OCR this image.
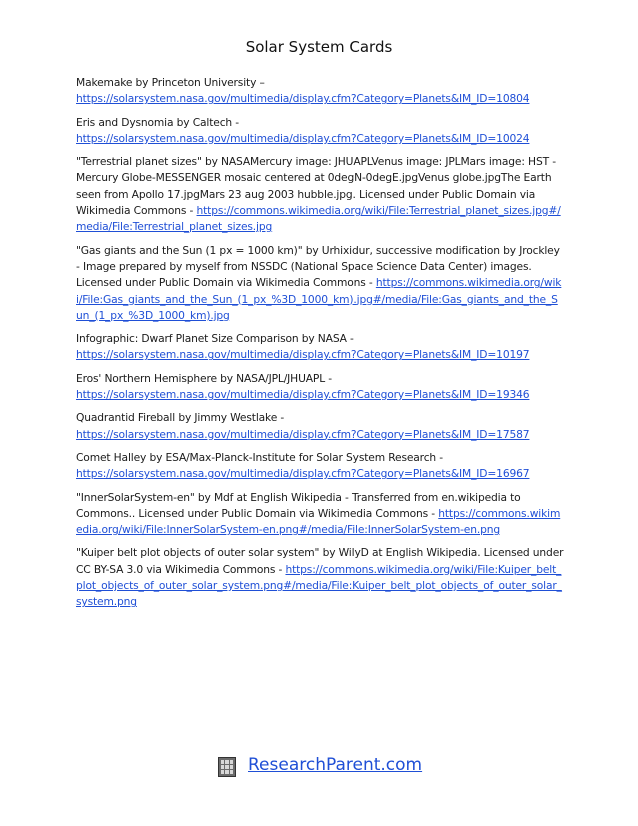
Solar System Cards
Makemake by Princeton University –
https://solarsystem.nasa.gov/multimedia/display.cfm?Category=Planets&IM_ID=10804
Eris and Dysnomia by Caltech -
https://solarsystem.nasa.gov/multimedia/display.cfm?Category=Planets&IM_ID=10024
"Terrestrial planet sizes" by NASAMercury image: JHUAPLVenus image: JPLMars image: HST - Mercury Globe-MESSENGER mosaic centered at 0degN-0degE.jpgVenus globe.jpgThe Earth seen from Apollo 17.jpgMars 23 aug 2003 hubble.jpg. Licensed under Public Domain via Wikimedia Commons - https://commons.wikimedia.org/wiki/File:Terrestrial_planet_sizes.jpg#/media/File:Terrestrial_planet_sizes.jpg
"Gas giants and the Sun (1 px = 1000 km)" by Urhixidur, successive modification by Jrockley - Image prepared by myself from NSSDC (National Space Science Data Center) images. Licensed under Public Domain via Wikimedia Commons - https://commons.wikimedia.org/wiki/File:Gas_giants_and_the_Sun_(1_px_%3D_1000_km).jpg#/media/File:Gas_giants_and_the_Sun_(1_px_%3D_1000_km).jpg
Infographic: Dwarf Planet Size Comparison by NASA -
https://solarsystem.nasa.gov/multimedia/display.cfm?Category=Planets&IM_ID=10197
Eros' Northern Hemisphere by NASA/JPL/JHUAPL -
https://solarsystem.nasa.gov/multimedia/display.cfm?Category=Planets&IM_ID=19346
Quadrantid Fireball by Jimmy Westlake -
https://solarsystem.nasa.gov/multimedia/display.cfm?Category=Planets&IM_ID=17587
Comet Halley by ESA/Max-Planck-Institute for Solar System Research -
https://solarsystem.nasa.gov/multimedia/display.cfm?Category=Planets&IM_ID=16967
"InnerSolarSystem-en" by Mdf at English Wikipedia - Transferred from en.wikipedia to Commons.. Licensed under Public Domain via Wikimedia Commons - https://commons.wikimedia.org/wiki/File:InnerSolarSystem-en.png#/media/File:InnerSolarSystem-en.png
"Kuiper belt plot objects of outer solar system" by WilyD at English Wikipedia. Licensed under CC BY-SA 3.0 via Wikimedia Commons - https://commons.wikimedia.org/wiki/File:Kuiper_belt_plot_objects_of_outer_solar_system.png#/media/File:Kuiper_belt_plot_objects_of_outer_solar_system.png
ResearchParent.com
